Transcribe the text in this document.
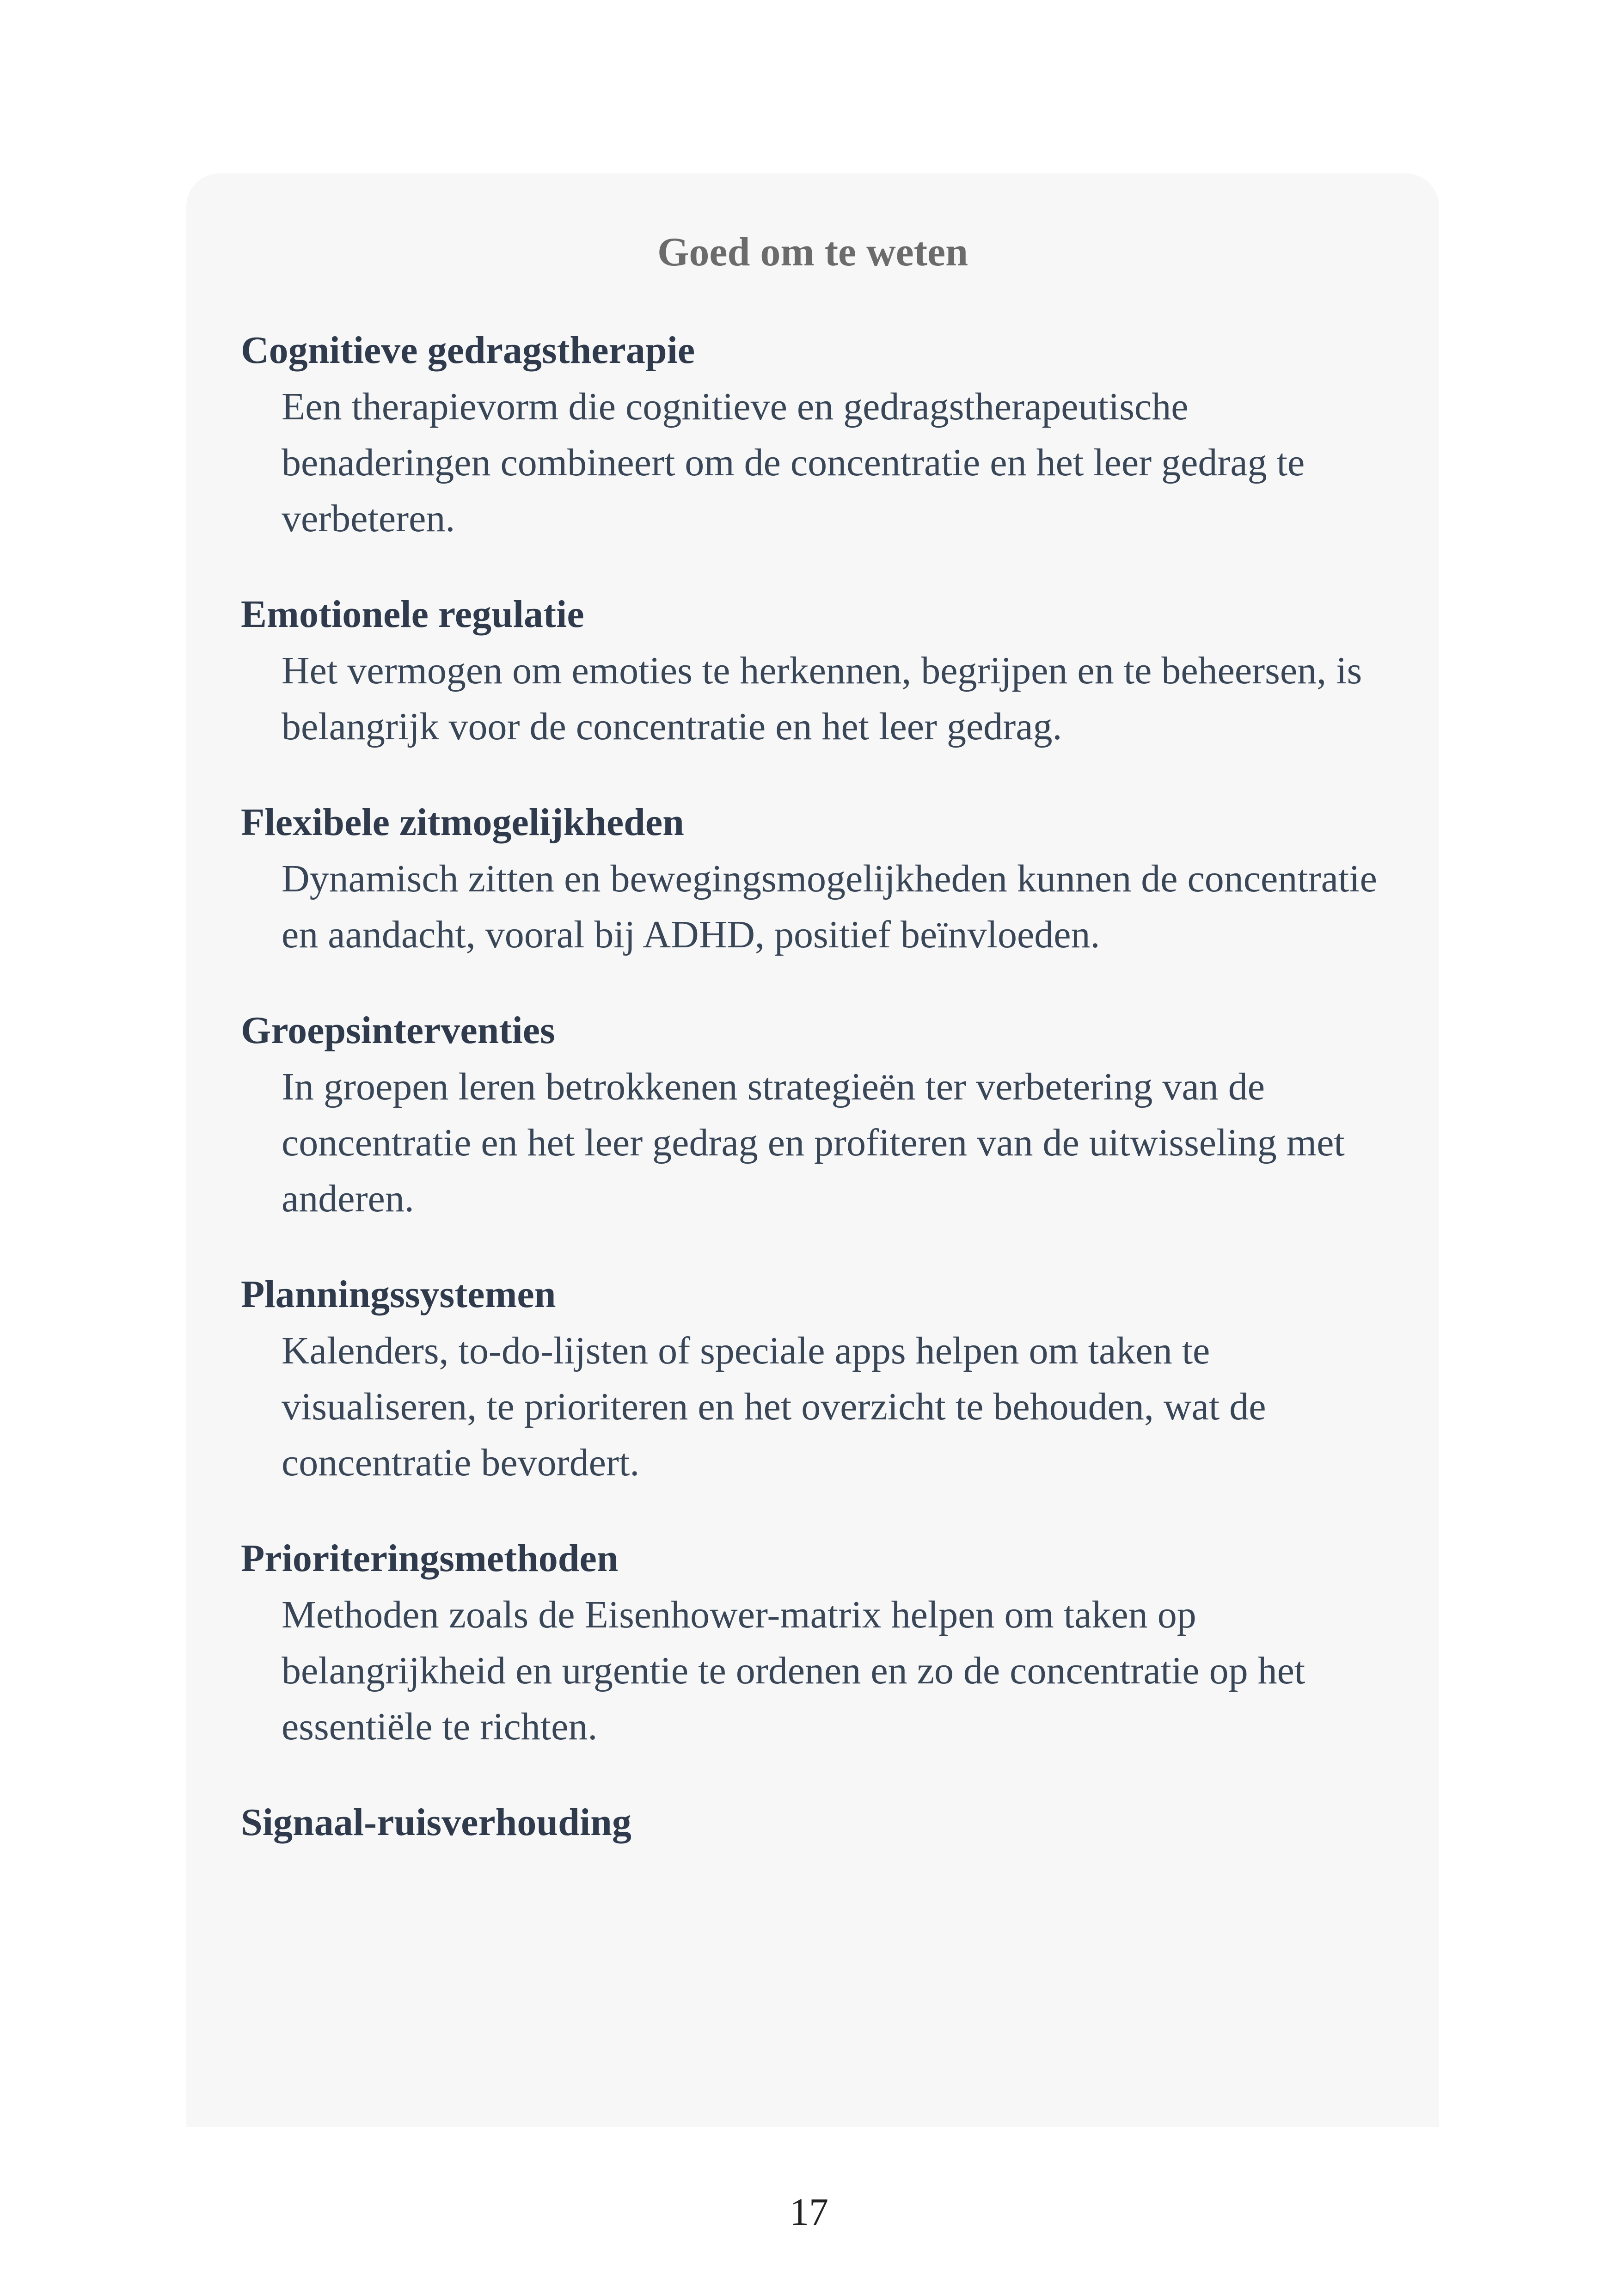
Goed om te weten

Cognitieve gedragstherapie

Een therapievorm die cognitieve en gedragstherapeutische benaderingen combineert om de concentratie en het leer gedrag te verbeteren.

Emotionele regulatie

Het vermogen om emoties te herkennen, begrijpen en te beheersen, is belangrijk voor de concentratie en het leer gedrag.

Flexibele zitmogelijkheden

Dynamisch zitten en bewegingsmogelijkheden kunnen de concentratie en aandacht, vooral bij ADHD, positief beïnvloeden.

Groepsinterventies

In groepen leren betrokkenen strategieën ter verbetering van de concentratie en het leer gedrag en profiteren van de uitwisseling met anderen.

Planningssystemen

Kalenders, to-do-lijsten of speciale apps helpen om taken te visualiseren, te prioriteren en het overzicht te behouden, wat de concentratie bevordert.

Prioriteringsmethoden

Methoden zoals de Eisenhower-matrix helpen om taken op belangrijkheid en urgentie te ordenen en zo de concentratie op het essentiële te richten.

Signaal-ruisverhouding

17
